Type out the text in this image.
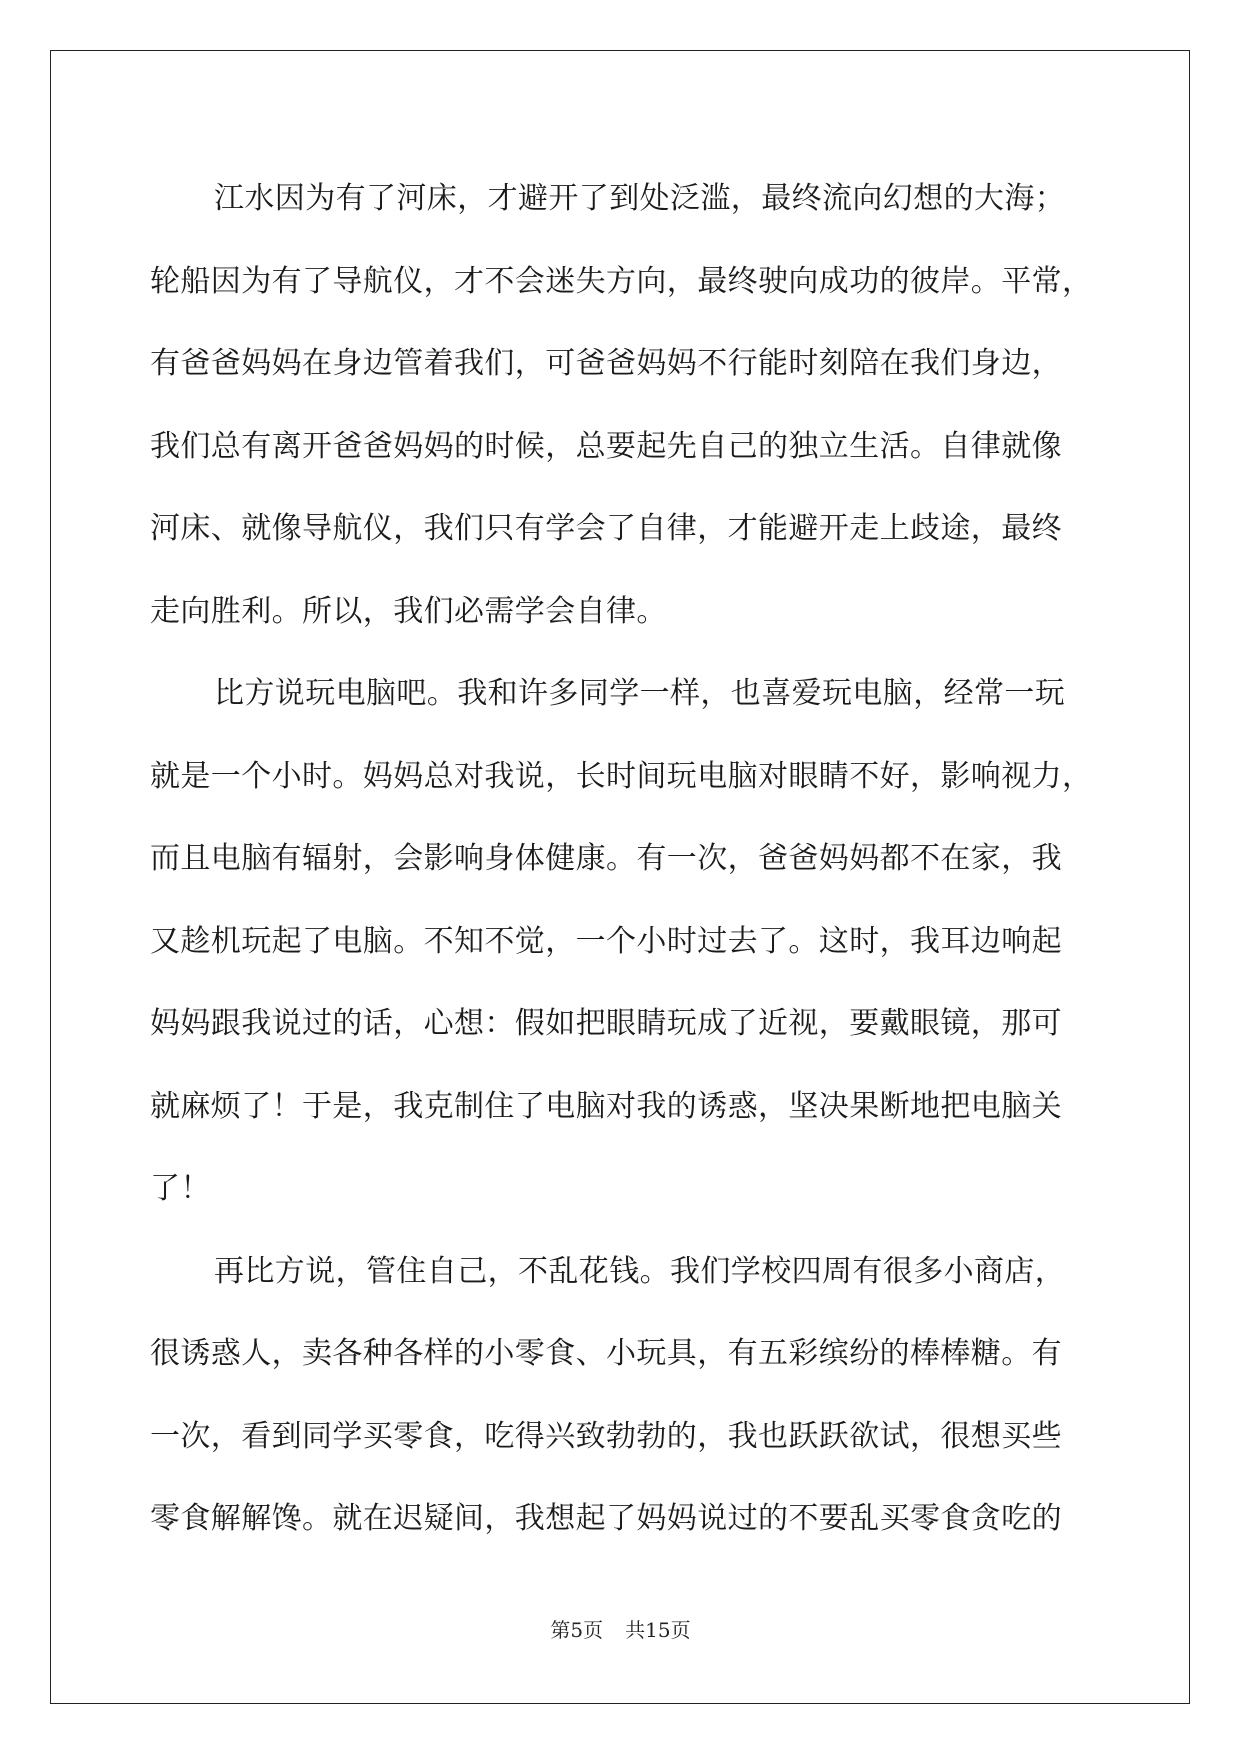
江水因为有了河床，才避开了到处泛滥，最终流向幻想的大海；
轮船因为有了导航仪，才不会迷失方向，最终驶向成功的彼岸。平常，
有爸爸妈妈在身边管着我们，可爸爸妈妈不行能时刻陪在我们身边，
我们总有离开爸爸妈妈的时候，总要起先自己的独立生活。自律就像
河床、就像导航仪，我们只有学会了自律，才能避开走上歧途，最终
走向胜利。所以，我们必需学会自律。
比方说玩电脑吧。我和许多同学一样，也喜爱玩电脑，经常一玩
就是一个小时。妈妈总对我说，长时间玩电脑对眼睛不好，影响视力，
而且电脑有辐射，会影响身体健康。有一次，爸爸妈妈都不在家，我
又趁机玩起了电脑。不知不觉，一个小时过去了。这时，我耳边响起
妈妈跟我说过的话，心想：假如把眼睛玩成了近视，要戴眼镜，那可
就麻烦了！于是，我克制住了电脑对我的诱惑，坚决果断地把电脑关
了！
再比方说，管住自己，不乱花钱。我们学校四周有很多小商店，
很诱惑人，卖各种各样的小零食、小玩具，有五彩缤纷的棒棒糖。有
一次，看到同学买零食，吃得兴致勃勃的，我也跃跃欲试，很想买些
零食解解馋。就在迟疑间，我想起了妈妈说过的不要乱买零食贪吃的
第5页 共15页
